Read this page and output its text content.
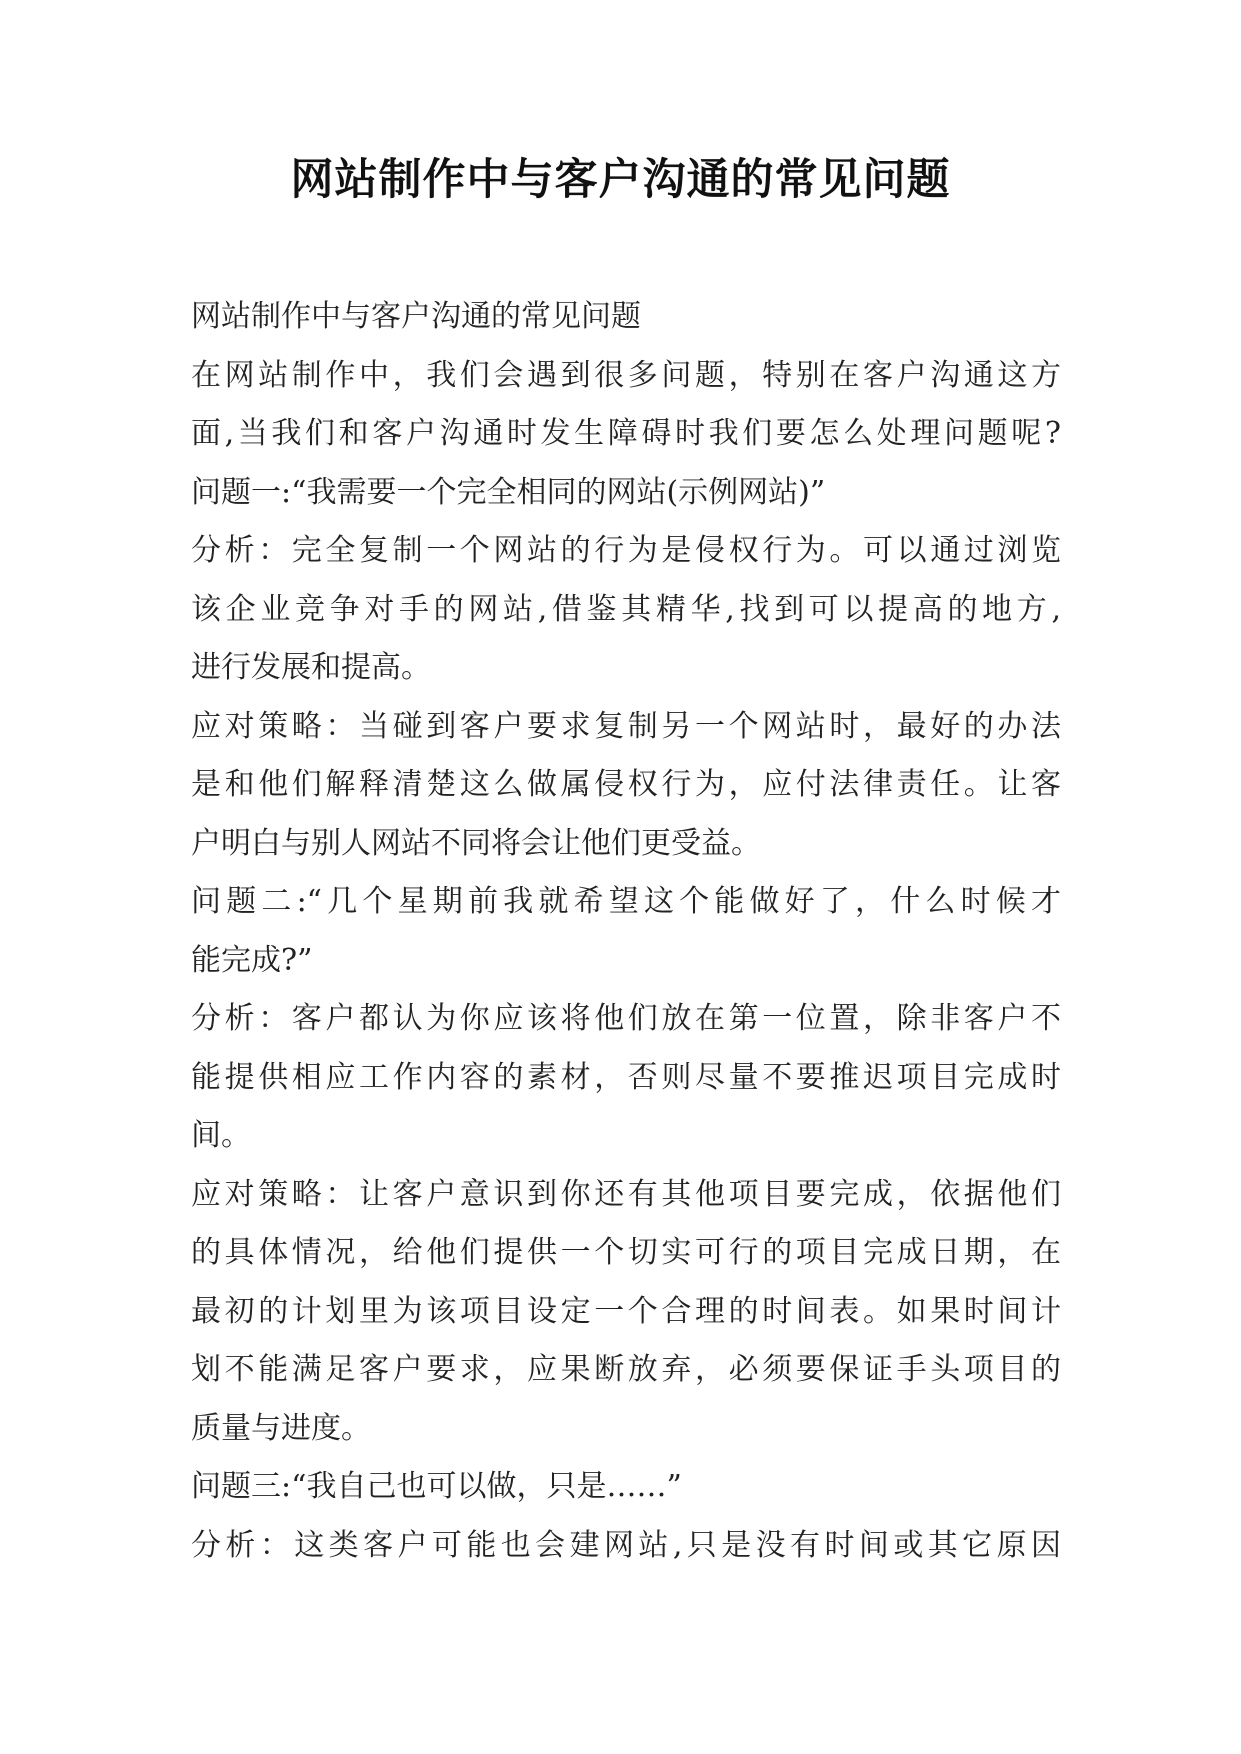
网站制作中与客户沟通的常见问题
网站制作中与客户沟通的常见问题
在网站制作中，我们会遇到很多问题，特别在客户沟通这方
面,当我们和客户沟通时发生障碍时我们要怎么处理问题呢?
问题一:“我需要一个完全相同的网站(示例网站)”
分析：完全复制一个网站的行为是侵权行为。可以通过浏览
该企业竞争对手的网站,借鉴其精华,找到可以提高的地方,
进行发展和提高。
应对策略：当碰到客户要求复制另一个网站时，最好的办法
是和他们解释清楚这么做属侵权行为，应付法律责任。让客
户明白与别人网站不同将会让他们更受益。
问题二:“几个星期前我就希望这个能做好了，什么时候才
能完成?”
分析：客户都认为你应该将他们放在第一位置，除非客户不
能提供相应工作内容的素材，否则尽量不要推迟项目完成时
间。
应对策略：让客户意识到你还有其他项目要完成，依据他们
的具体情况，给他们提供一个切实可行的项目完成日期，在
最初的计划里为该项目设定一个合理的时间表。如果时间计
划不能满足客户要求，应果断放弃，必须要保证手头项目的
质量与进度。
问题三:“我自己也可以做，只是……”
分析：这类客户可能也会建网站,只是没有时间或其它原因
